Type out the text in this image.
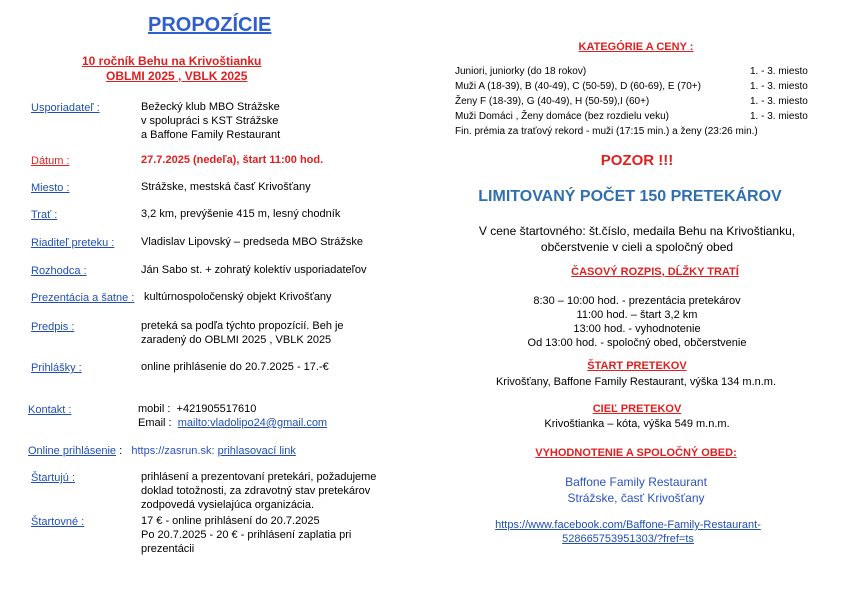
PROPOZÍCIE
10 ročník Behu na Krivoštianku
OBLMI 2025 , VBLK 2025
Usporiadateľ :	Bežecký klub MBO Strážske
v spolupráci s KST Strážske
a Baffone Family Restaurant
Dátum :	27.7.2025 (nedeľa), štart 11:00 hod.
Miesto :	Strážske, mestská časť Krivošťany
Trať :	3,2 km, prevýšenie 415 m, lesný chodník
Riaditeľ preteku : Vladislav Lipovský – predseda MBO Strážske
Rozhodca :	Ján Sabo st. + zohratý kolektív usporiadateľov
Prezentácia a šatne : kultúrnospoločenský objekt Krivošťany
Predpis :	preteká sa podľa týchto propozícií. Beh je
zaradený do OBLMI 2025 , VBLK 2025
Prihlášky :	online prihlásenie do 20.7.2025 - 17.-€
Kontakt :	mobil : +421905517610
Email : mailto:vladolipo24@gmail.com
Online prihlásenie : https://zasrun.sk: prihlasovací link
Štartujú :	prihlásení a prezentovaní pretekári, požadujeme
doklad totožnosti, za zdravotný stav pretekárov
zodpovedá vysielajúca organizácia.
Štartovné :	17 € - online prihlásení do 20.7.2025
Po 20.7.2025 - 20 € - prihlásení zaplatia pri
prezentácii
KATEGÓRIE A CENY :
Juniori, juniorky (do 18 rokov)	1. - 3. miesto
Muži A (18-39), B (40-49), C (50-59), D (60-69), E (70+)	1. - 3. miesto
Ženy F (18-39), G (40-49), H (50-59),I (60+)	1. - 3. miesto
Muži Domáci , Ženy domáce (bez rozdielu veku)	1. - 3. miesto
Fin. prémia za traťový rekord - muži (17:15 min.) a ženy (23:26 min.)
POZOR !!!
LIMITOVANÝ POČET 150 PRETEKÁROV
V cene štartovného: št.číslo, medaila Behu na Krivoštianku,
občerstvenie v cieli a spoločný obed
ČASOVÝ ROZPIS, DĹŽKY TRATÍ
8:30 – 10:00 hod. - prezentácia pretekárov
11:00 hod. – štart 3,2 km
13:00 hod. - vyhodnotenie
Od 13:00 hod. - spoločný obed, občerstvenie
ŠTART PRETEKOV
Krivošťany, Baffone Family Restaurant, výška 134 m.n.m.
CIEĽ PRETEKOV
Krivoštianka – kóta, výška 549 m.n.m.
VYHODNOTENIE A SPOLOČNÝ OBED:
Baffone Family Restaurant
Strážske, časť Krivošťany
https://www.facebook.com/Baffone-Family-Restaurant-
528665753951303/?fref=ts
